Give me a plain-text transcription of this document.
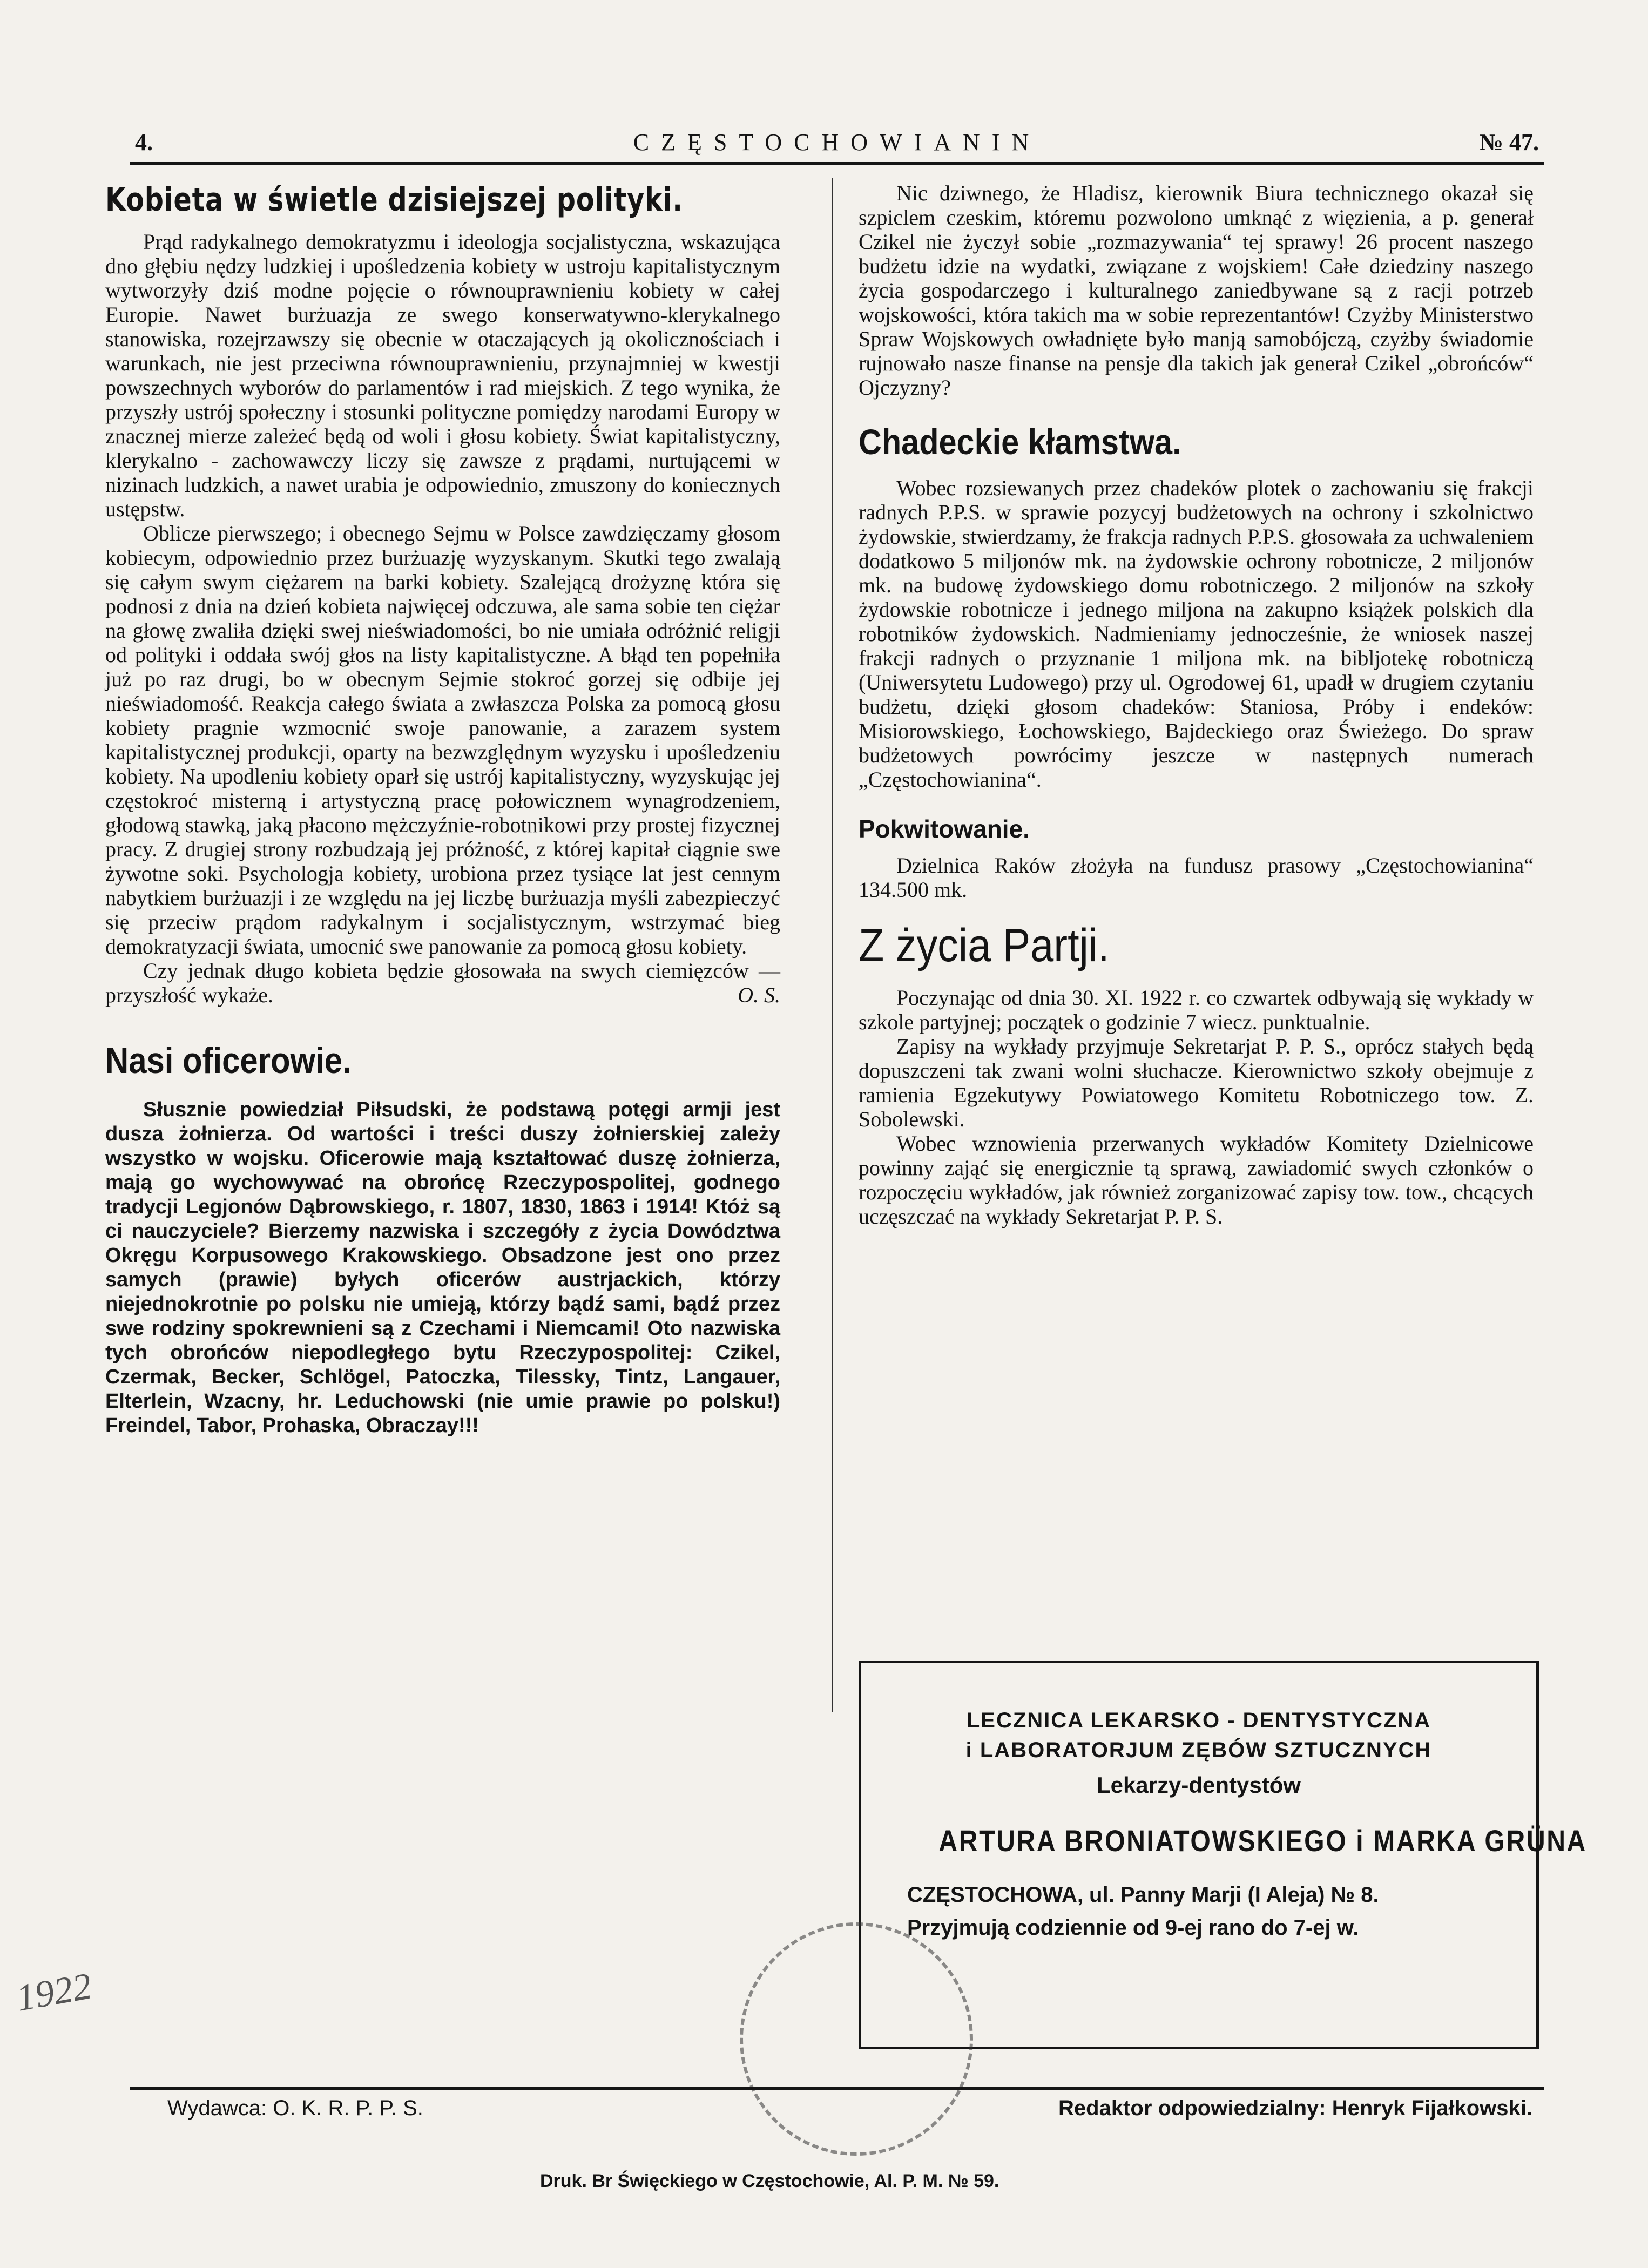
4.	CZĘSTOCHOWIANIN	№ 47.
Kobieta w świetle dzisiejszej polityki.

Prąd radykalnego demokratyzmu i ideologja socjalistyczna, wskazująca dno głębiu nędzy ludzkiej i upośledzenia kobiety w ustroju kapitalistycznym wytworzyły dziś modne pojęcie o równouprawnieniu kobiety w całej Europie. Nawet burżuazja ze swego konserwatywno-klerykalnego stanowiska, rozejrzawszy się obecnie w otaczających ją okolicznościach i warunkach, nie jest przeciwna równouprawnieniu, przynajmniej w kwestji powszechnych wyborów do parlamentów i rad miejskich. Z tego wynika, że przyszły ustrój społeczny i stosunki polityczne pomiędzy narodami Europy w znacznej mierze zależeć będą od woli i głosu kobiety. Świat kapitalistyczny, klerykalno - zachowawczy liczy się zawsze z prądami, nurtującemi w nizinach ludzkich, a nawet urabia je odpowiednio, zmuszony do koniecznych ustępstw.

Oblicze pierwszego; i obecnego Sejmu w Polsce zawdzięczamy głosom kobiecym, odpowiednio przez burżuazję wyzyskanym. Skutki tego zwalają się całym swym ciężarem na barki kobiety. Szalejącą drożyznę która się podnosi z dnia na dzień kobieta najwięcej odczuwa, ale sama sobie ten ciężar na głowę zwaliła dzięki swej nieświadomości, bo nie umiała odróżnić religji od polityki i oddała swój głos na listy kapitalistyczne. A błąd ten popełniła już po raz drugi, bo w obecnym Sejmie stokroć gorzej się odbije jej nieświadomość. Reakcja całego świata a zwłaszcza Polska za pomocą głosu kobiety pragnie wzmocnić swoje panowanie, a zarazem system kapitalistycznej produkcji, oparty na bezwzględnym wyzysku i upośledzeniu kobiety. Na upodleniu kobiety oparł się ustrój kapitalistyczny, wyzyskując jej częstokroć misterną i artystyczną pracę połowicznem wynagrodzeniem, głodową stawką, jaką płacono mężczyźnie-robotnikowi przy prostej fizycznej pracy. Z drugiej strony rozbudzają jej próżność, z której kapitał ciągnie swe żywotne soki. Psychologja kobiety, urobiona przez tysiące lat jest cennym nabytkiem burżuazji i ze względu na jej liczbę burżuazja myśli zabezpieczyć się przeciw prądom radykalnym i socjalistycznym, wstrzymać bieg demokratyzacji świata, umocnić swe panowanie za pomocą głosu kobiety.

Czy jednak długo kobieta będzie głosowała na swych ciemięzców — przyszłość wykaże.	O. S.

Nasi oficerowie.

Słusznie powiedział Piłsudski, że podstawą potęgi armji jest dusza żołnierza. Od wartości i treści duszy żołnierskiej zależy wszystko w wojsku. Oficerowie mają kształtować duszę żołnierza, mają go wychowywać na obrońcę Rzeczypospolitej, godnego tradycji Legjonów Dąbrowskiego, r. 1807, 1830, 1863 i 1914! Któż są ci nauczyciele? Bierzemy nazwiska i szczegóły z życia Dowództwa Okręgu Korpusowego Krakowskiego. Obsadzone jest ono przez samych (prawie) byłych oficerów austrjackich, którzy niejednokrotnie po polsku nie umieją, którzy bądź sami, bądź przez swe rodziny spokrewnieni są z Czechami i Niemcami! Oto nazwiska tych obrońców niepodległego bytu Rzeczypospolitej: Czikel, Czermak, Becker, Schlögel, Patoczka, Tilessky, Tintz, Langauer, Elterlein, Wzacny, hr. Leduchowski (nie umie prawie po polsku!) Freindel, Tabor, Prohaska, Obraczay!!!

Nic dziwnego, że Hladisz, kierownik Biura technicznego okazał się szpiclem czeskim, któremu pozwolono umknąć z więzienia, a p. generał Czikel nie życzył sobie „rozmazywania“ tej sprawy! 26 procent naszego budżetu idzie na wydatki, związane z wojskiem! Całe dziedziny naszego życia gospodarczego i kulturalnego zaniedbywane są z racji potrzeb wojskowości, która takich ma w sobie reprezentantów! Czyżby Ministerstwo Spraw Wojskowych owładnięte było manją samobójczą, czyżby świadomie rujnowało nasze finanse na pensje dla takich jak generał Czikel „obrońców“ Ojczyzny?

Chadeckie kłamstwa.

Wobec rozsiewanych przez chadeków plotek o zachowaniu się frakcji radnych P.P.S. w sprawie pozycyj budżetowych na ochrony i szkolnictwo żydowskie, stwierdzamy, że frakcja radnych P.P.S. głosowała za uchwaleniem dodatkowo 5 miljonów mk. na żydowskie ochrony robotnicze, 2 miljonów mk. na budowę żydowskiego domu robotniczego. 2 miljonów na szkoły żydowskie robotnicze i jednego miljona na zakupno książek polskich dla robotników żydowskich. Nadmieniamy jednocześnie, że wniosek naszej frakcji radnych o przyznanie 1 miljona mk. na bibljotekę robotniczą (Uniwersytetu Ludowego) przy ul. Ogrodowej 61, upadł w drugiem czytaniu budżetu, dzięki głosom chadeków: Staniosa, Próby i endeków: Misiorowskiego, Łochowskiego, Bajdeckiego oraz Świeżego. Do spraw budżetowych powrócimy jeszcze w następnych numerach „Częstochowianina“.

Pokwitowanie.

Dzielnica Raków złożyła na fundusz prasowy „Częstochowianina“ 134.500 mk.

Z życia Partji.

Poczynając od dnia 30. XI. 1922 r. co czwartek odbywają się wykłady w szkole partyjnej; początek o godzinie 7 wiecz. punktualnie.

Zapisy na wykłady przyjmuje Sekretarjat P. P. S., oprócz stałych będą dopuszczeni tak zwani wolni słuchacze. Kierownictwo szkoły obejmuje z ramienia Egzekutywy Powiatowego Komitetu Robotniczego tow. Z. Sobolewski.

Wobec wznowienia przerwanych wykładów Komitety Dzielnicowe powinny zająć się energicznie tą sprawą, zawiadomić swych członków o rozpoczęciu wykładów, jak również zorganizować zapisy tow. tow., chcących uczęszczać na wykłady Sekretarjat P. P. S.

LECZNICA LEKARSKO - DENTYSTYCZNA
i LABORATORJUM ZĘBÓW SZTUCZNYCH
Lekarzy-dentystów
ARTURA BRONIATOWSKIEGO i MARKA GRÜNA
CZĘSTOCHOWA, ul. Panny Marji (I Aleja) № 8.
Przyjmują codziennie od 9-ej rano do 7-ej w.
1922
Wydawca: O. K. R. P. P. S.	Redaktor odpowiedzialny: Henryk Fijałkowski.
Druk. Br Święckiego w Częstochowie, Al. P. M. № 59.
